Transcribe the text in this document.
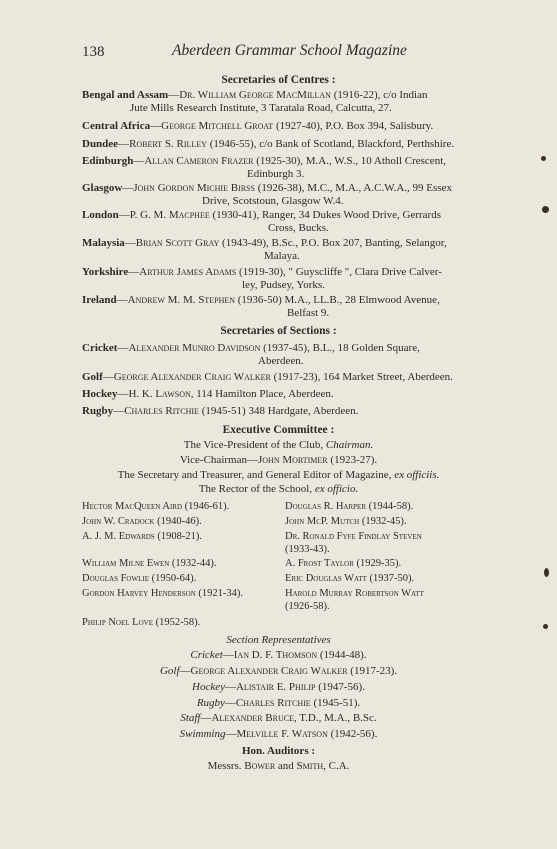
138	Aberdeen Grammar School Magazine
Secretaries of Centres :
Bengal and Assam—Dr. William George MacMillan (1916-22), c/o Indian
Jute Mills Research Institute, 3 Taratala Road, Calcutta, 27.
Central Africa—George Mitchell Groat (1927-40), P.O. Box 394, Salisbury.
Dundee—Robert S. Rilley (1946-55), c/o Bank of Scotland, Blackford, Perthshire.
Edinburgh—Allan Cameron Frazer (1925-30), M.A., W.S., 10 Atholl Crescent,
Edinburgh 3.
Glasgow—John Gordon Michie Birss (1926-38), M.C., M.A., A.C.W.A., 99 Essex
Drive, Scotstoun, Glasgow W.4.
London—P. G. M. Macphee (1930-41), Ranger, 34 Dukes Wood Drive, Gerrards
Cross, Bucks.
Malaysia—Brian Scott Gray (1943-49), B.Sc., P.O. Box 207, Banting, Selangor,
Malaya.
Yorkshire—Arthur James Adams (1919-30), " Guyscliffe ", Clara Drive Calver-
ley, Pudsey, Yorks.
Ireland—Andrew M. M. Stephen (1936-50) M.A., LL.B., 28 Elmwood Avenue,
Belfast 9.
Secretaries of Sections :
Cricket—Alexander Munro Davidson (1937-45), B.L., 18 Golden Square,
Aberdeen.
Golf—George Alexander Craig Walker (1917-23), 164 Market Street, Aberdeen.
Hockey—H. K. Lawson, 114 Hamilton Place, Aberdeen.
Rugby—Charles Ritchie (1945-51) 348 Hardgate, Aberdeen.
Executive Committee :
The Vice-President of the Club, Chairman.
Vice-Chairman—John Mortimer (1923-27).
The Secretary and Treasurer, and General Editor of Magazine, ex officiis.
The Rector of the School, ex officio.
Hector MacQueen Aird (1946-61).
John W. Cradock (1940-46).
A. J. M. Edwards (1908-21).
William Milne Ewen (1932-44).
Douglas Fowlie (1950-64).
Gordon Harvey Henderson (1921-34).
Philip Noel Love (1952-58).
Douglas R. Harper (1944-58).
John McP. Mutch (1932-45).
Dr. Ronald Fyfe Findlay Steven
(1933-43).
A. Frost Taylor (1929-35).
Eric Douglas Watt (1937-50).
Harold Murray Robertson Watt
(1926-58).
Section Representatives
Cricket—Ian D. F. Thomson (1944-48).
Golf—George Alexander Craig Walker (1917-23).
Hockey—Alistair E. Philip (1947-56).
Rugby—Charles Ritchie (1945-51).
Staff—Alexander Bruce, T.D., M.A., B.Sc.
Swimming—Melville F. Watson (1942-56).
Hon. Auditors :
Messrs. Bower and Smith, C.A.
